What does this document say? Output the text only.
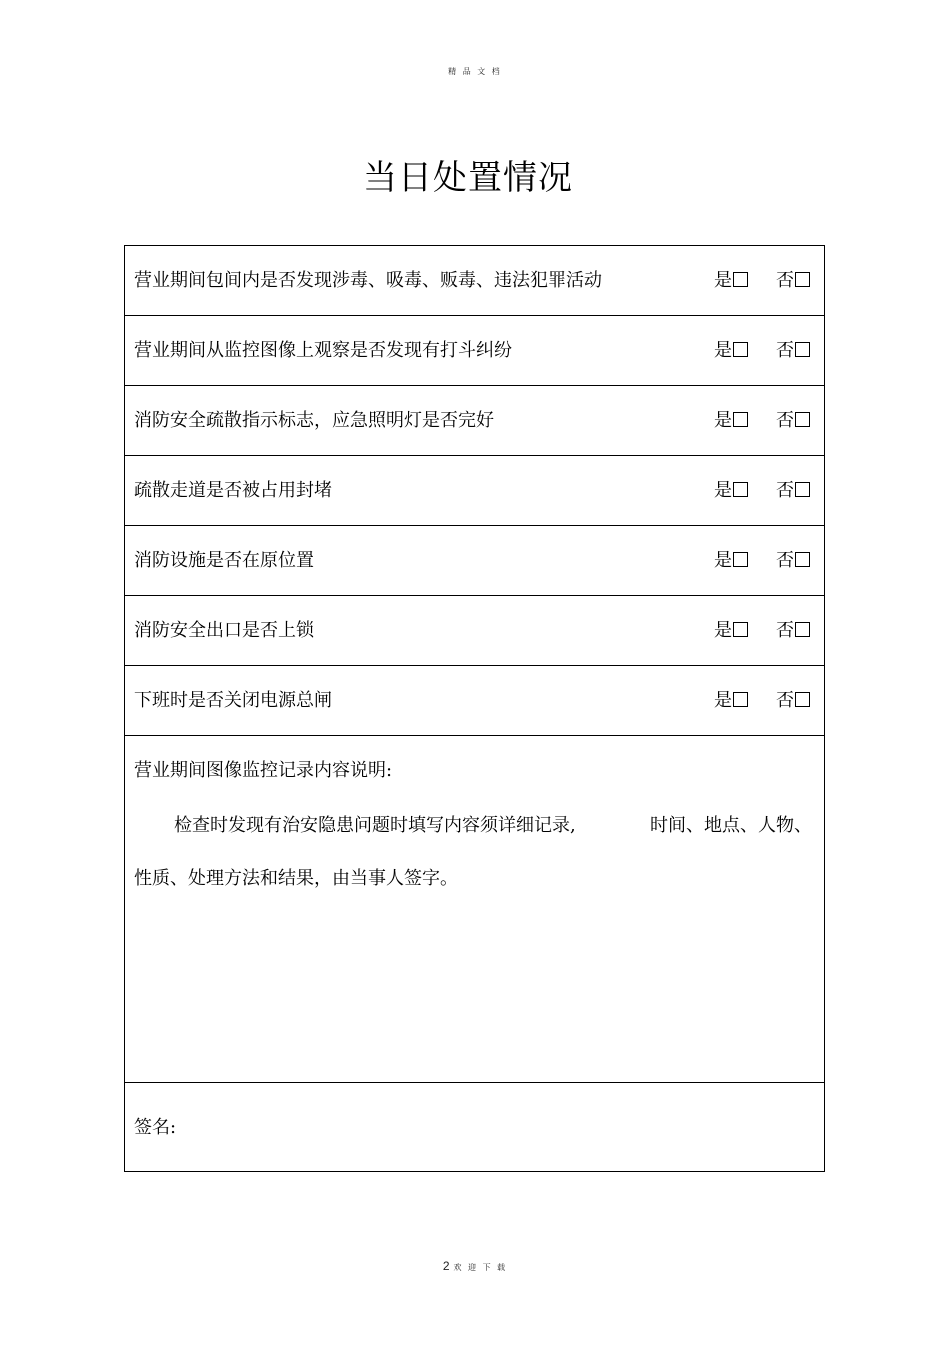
精 品 文 档
当日处置情况
营业期间包间内是否发现涉毒、吸毒、贩毒、违法犯罪活动	是	否
营业期间从监控图像上观察是否发现有打斗纠纷	是	否
消防安全疏散指示标志，应急照明灯是否完好	是	否
疏散走道是否被占用封堵	是	否
消防设施是否在原位置	是	否
消防安全出口是否上锁	是	否
下班时是否关闭电源总闸	是	否
营业期间图像监控记录内容说明:
检查时发现有治安隐患问题时填写内容须详细记录,	时间、地点、人物、
性质、处理方法和结果，由当事人签字。
签名:
2 欢 迎 下 载
